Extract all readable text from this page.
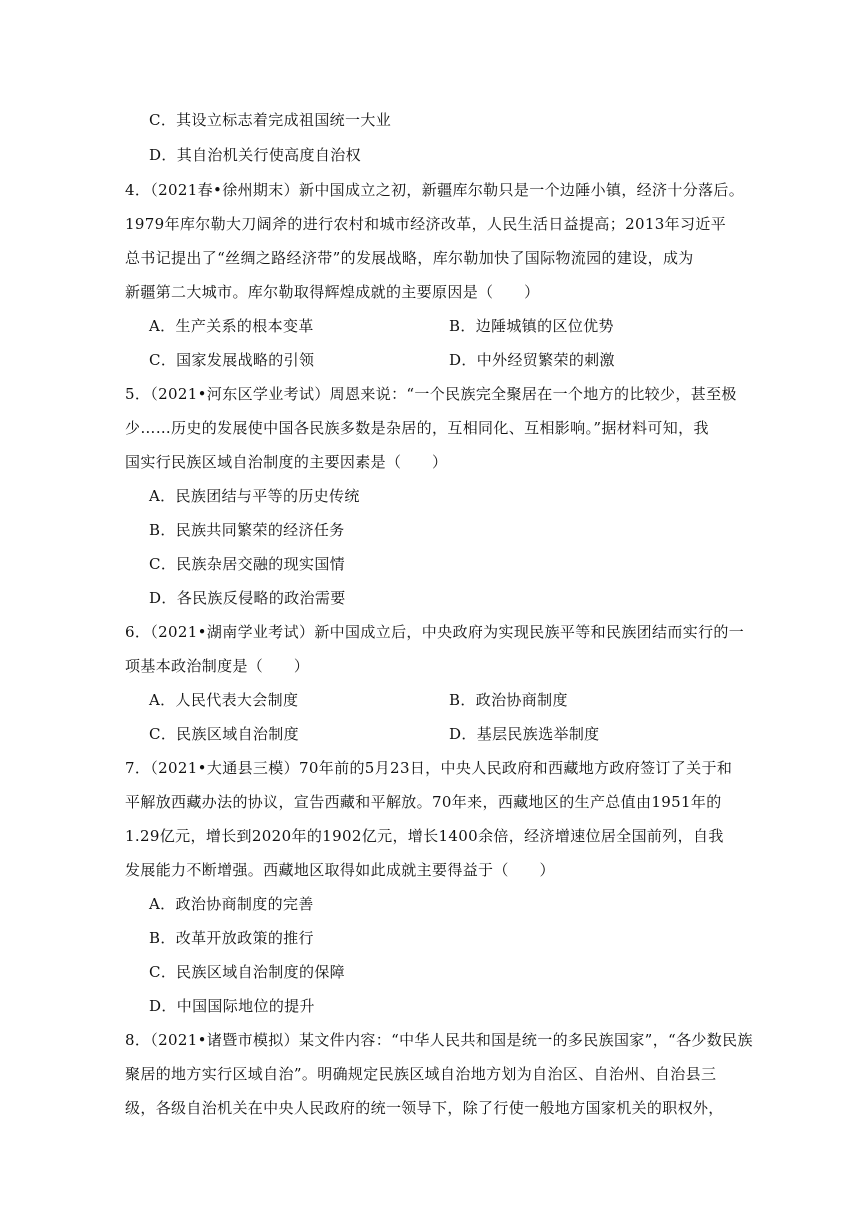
C．其设立标志着完成祖国统一大业
D．其自治机关行使高度自治权
4．（2021春•徐州期末）新中国成立之初，新疆库尔勒只是一个边陲小镇，经济十分落后。
1979年库尔勒大刀阔斧的进行农村和城市经济改革，人民生活日益提高；2013年习近平
总书记提出了“丝绸之路经济带”的发展战略，库尔勒加快了国际物流园的建设，成为
新疆第二大城市。库尔勒取得辉煌成就的主要原因是（　　）
A．生产关系的根本变革	B．边陲城镇的区位优势
C．国家发展战略的引领	D．中外经贸繁荣的刺激
5．（2021•河东区学业考试）周恩来说：“一个民族完全聚居在一个地方的比较少，甚至极
少……历史的发展使中国各民族多数是杂居的，互相同化、互相影响。”据材料可知，我
国实行民族区域自治制度的主要因素是（　　）
A．民族团结与平等的历史传统
B．民族共同繁荣的经济任务
C．民族杂居交融的现实国情
D．各民族反侵略的政治需要
6．（2021•湖南学业考试）新中国成立后，中央政府为实现民族平等和民族团结而实行的一
项基本政治制度是（　　）
A．人民代表大会制度	B．政治协商制度
C．民族区域自治制度	D．基层民族选举制度
7．（2021•大通县三模）70年前的5月23日，中央人民政府和西藏地方政府签订了关于和
平解放西藏办法的协议，宣告西藏和平解放。70年来，西藏地区的生产总值由1951年的
1.29亿元，增长到2020年的1902亿元，增长1400余倍，经济增速位居全国前列，自我
发展能力不断增强。西藏地区取得如此成就主要得益于（　　）
A．政治协商制度的完善
B．改革开放政策的推行
C．民族区域自治制度的保障
D．中国国际地位的提升
8．（2021•诸暨市模拟）某文件内容：“中华人民共和国是统一的多民族国家”，“各少数民族
聚居的地方实行区域自治”。明确规定民族区域自治地方划为自治区、自治州、自治县三
级，各级自治机关在中央人民政府的统一领导下，除了行使一般地方国家机关的职权外，
